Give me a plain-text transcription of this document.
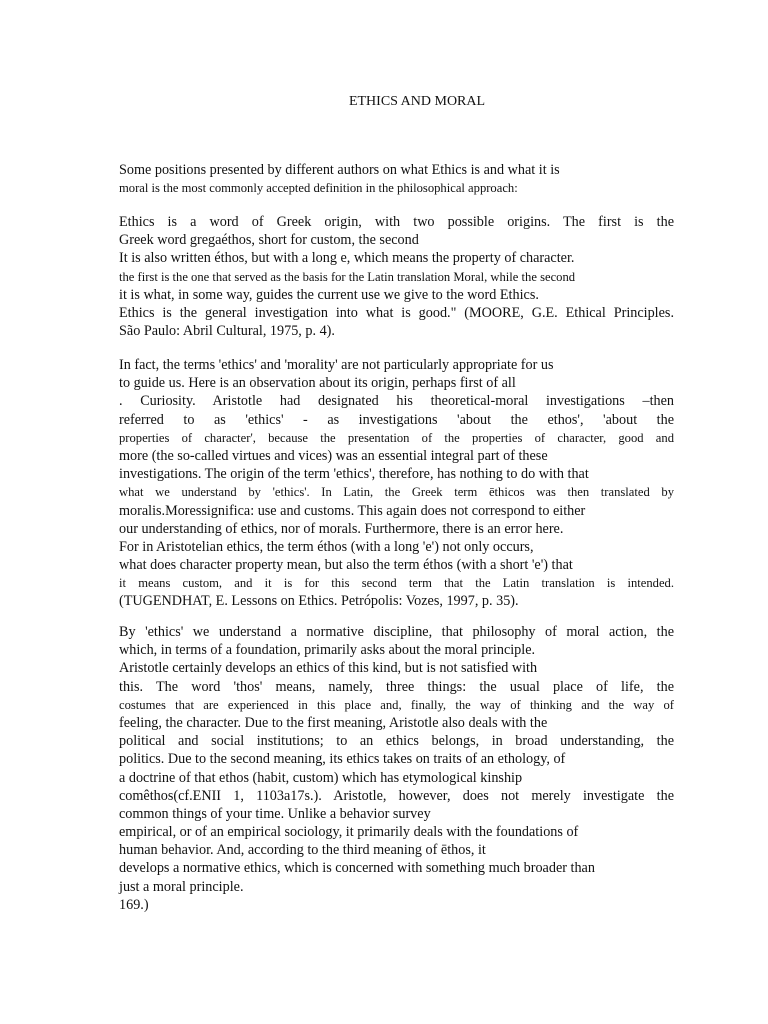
ETHICS AND MORAL
Some positions presented by different authors on what Ethics is and what it is
moral is the most commonly accepted definition in the philosophical approach:
Ethics is a word of Greek origin, with two possible origins. The first is the
Greek word gregaéthos, short for custom, the second
It is also written éthos, but with a long e, which means the property of character.
the first is the one that served as the basis for the Latin translation Moral, while the second
it is what, in some way, guides the current use we give to the word Ethics.
Ethics is the general investigation into what is good." (MOORE, G.E. Ethical Principles.
São Paulo: Abril Cultural, 1975, p. 4).
In fact, the terms 'ethics' and 'morality' are not particularly appropriate for us
to guide us. Here is an observation about its origin, perhaps first of all
. Curiosity. Aristotle had designated his theoretical-moral investigations –then
referred to as 'ethics' - as investigations 'about the ethos', 'about the
properties of character', because the presentation of the properties of character, good and
more (the so-called virtues and vices) was an essential integral part of these
investigations. The origin of the term 'ethics', therefore, has nothing to do with that
what we understand by 'ethics'. In Latin, the Greek term ēthicos was then translated by
moralis.Moressignifica: use and customs. This again does not correspond to either
our understanding of ethics, nor of morals. Furthermore, there is an error here.
For in Aristotelian ethics, the term éthos (with a long 'e') not only occurs,
what does character property mean, but also the term éthos (with a short 'e') that
it means custom, and it is for this second term that the Latin translation is intended.
(TUGENDHAT, E. Lessons on Ethics. Petrópolis: Vozes, 1997, p. 35).
By 'ethics' we understand a normative discipline, that philosophy of moral action, the
which, in terms of a foundation, primarily asks about the moral principle.
Aristotle certainly develops an ethics of this kind, but is not satisfied with
this. The word 'thos' means, namely, three things: the usual place of life, the
costumes that are experienced in this place and, finally, the way of thinking and the way of
feeling, the character. Due to the first meaning, Aristotle also deals with the
political and social institutions; to an ethics belongs, in broad understanding, the
politics. Due to the second meaning, its ethics takes on traits of an ethology, of
a doctrine of that ethos (habit, custom) which has etymological kinship
comêthos(cf.ENII 1, 1103a17s.). Aristotle, however, does not merely investigate the
common things of your time. Unlike a behavior survey
empirical, or of an empirical sociology, it primarily deals with the foundations of
human behavior. And, according to the third meaning of ēthos, it
develops a normative ethics, which is concerned with something much broader than
just a moral principle.
169.)
